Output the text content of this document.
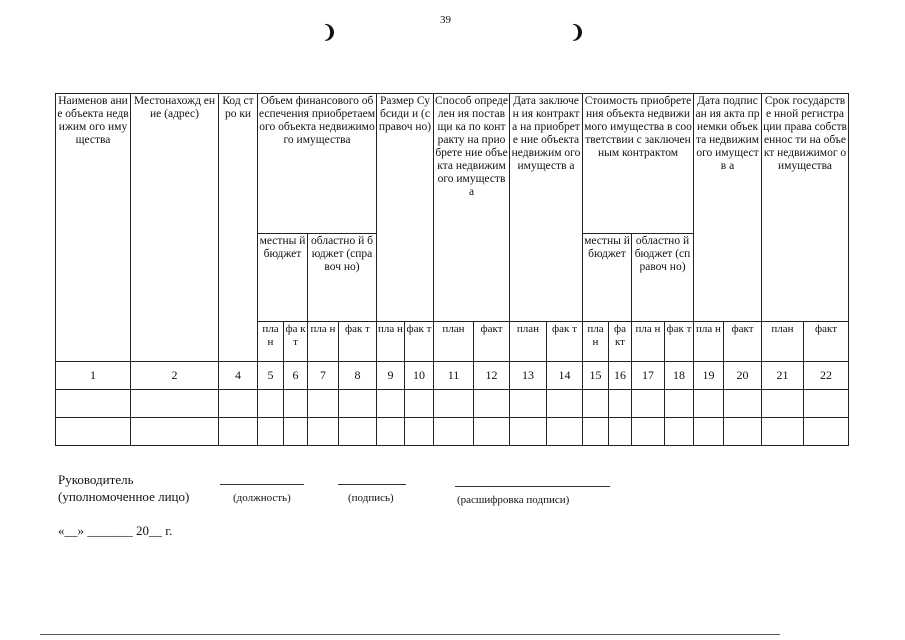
39
❩	❩
Наименов ание объекта недвижим ого имущества	Местонахожд ение (адрес)	Код стро ки	Объем финансового обеспечения приобретаемого объекта недвижимого имущества				Размер Субсиди и (справоч но)		Способ определен ия поставщи ка по контракту на приобрете ние объекта недвижим ого имуществ а		Дата заключен ия контракта на приобрете ние объекта недвижим ого имуществ а		Стоимость приобретения объекта недвижимого имущества в соответствии с заключенным контрактом				Дата подписан ия акта приемки объекта недвижим ого имуществ а		Срок государстве нной регистрации права собственнос ти на объект недвижимог о имущества	
			местны й бюджет		областно й бюджет (справоч но)								местны й бюджет		областно й бюджет (справоч но)					
			пла н	фа кт	пла н	фак т	пла н	фак т	план	факт	план	фак т	пла н	фа кт	пла н	фак т	пла н	факт	план	факт
1	2	4	5	6	7	8	9	10	11	12	13	14	15	16	17	18	19	20	21	22

Руководитель
(уполномоченное лицо)	(должность)	(подпись)	(расшифровка подписи)
«__» _______ 20__ г.
